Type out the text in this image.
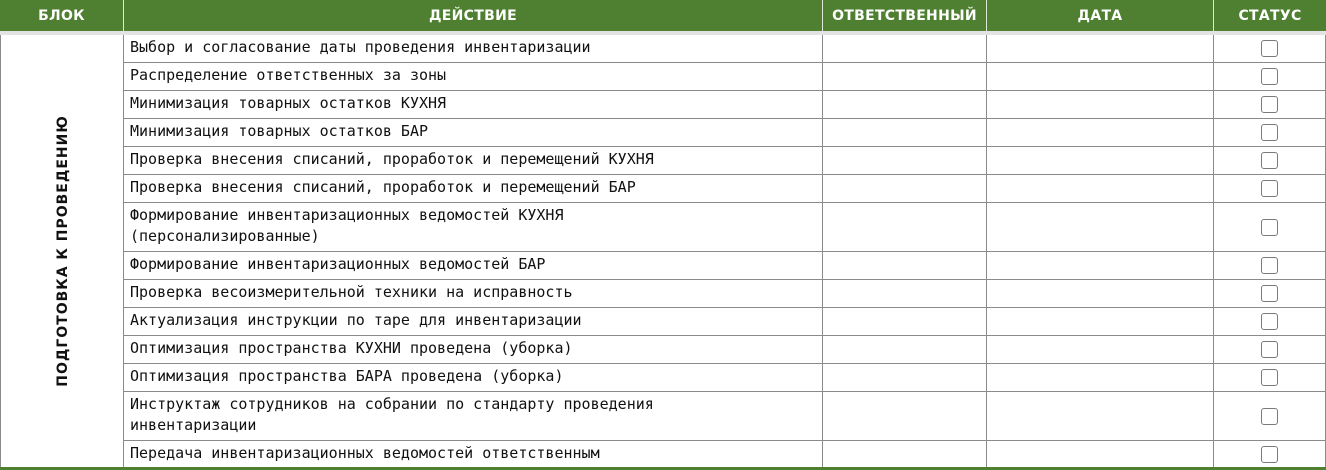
БЛОК	ДЕЙСТВИЕ	ОТВЕТСТВЕННЫЙ	ДАТА	СТАТУС
ПОДГОТОВКА К ПРОВЕДЕНИЮ
Выбор и согласование даты проведения инвентаризации
Распределение ответственных за зоны
Минимизация товарных остатков КУХНЯ
Минимизация товарных остатков БАР
Проверка внесения списаний, проработок и перемещений КУХНЯ
Проверка внесения списаний, проработок и перемещений БАР
Формирование инвентаризационных ведомостей КУХНЯ
(персонализированные)
Формирование инвентаризационных ведомостей БАР
Проверка весоизмерительной техники на исправность
Актуализация инструкции по таре для инвентаризации
Оптимизация пространства КУХНИ проведена (уборка)
Оптимизация пространства БАРА проведена (уборка)
Инструктаж сотрудников на собрании по стандарту проведения
инвентаризации
Передача инвентаризационных ведомостей ответственным
